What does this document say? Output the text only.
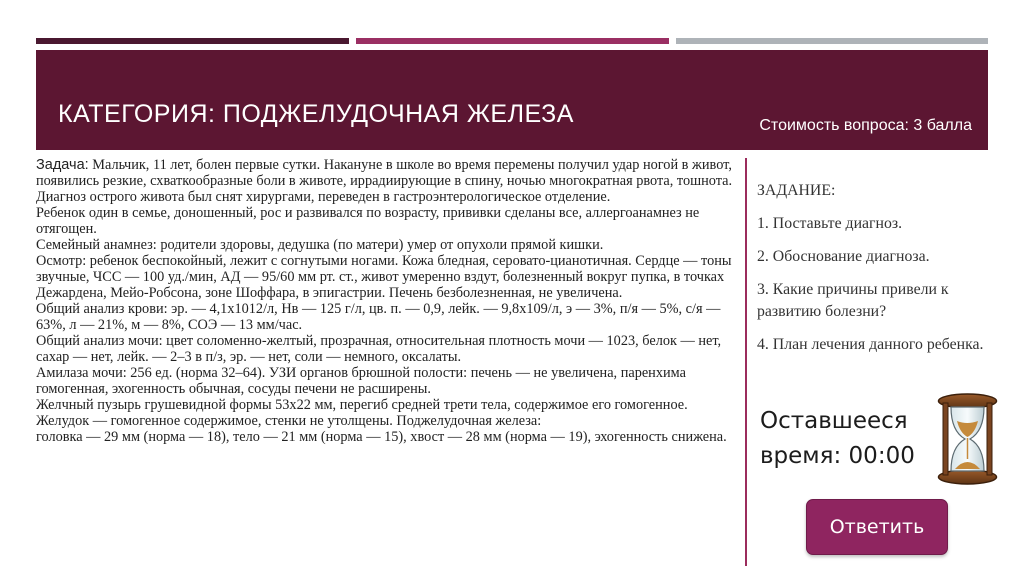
КАТЕГОРИЯ: ПОДЖЕЛУДОЧНАЯ ЖЕЛЕЗА	Стоимость вопроса: 3 балла

Задача: Мальчик, 11 лет, болен первые сутки. Накануне в школе во время перемены получил удар ногой в живот, появились резкие, схваткообразные боли в животе, иррадиирующие в спину, ночью многократная рвота, тошнота. Диагноз острого живота был снят хирургами, переведен в гастроэнтерологическое отделение.

Ребенок один в семье, доношенный, рос и развивался по возрасту, прививки сделаны все, аллергоанамнез не отягощен.

Семейный анамнез: родители здоровы, дедушка (по матери) умер от опухоли прямой кишки.

Осмотр: ребенок беспокойный, лежит с согнутыми ногами. Кожа бледная, серовато-цианотичная. Сердце — тоны звучные, ЧСС — 100 уд./мин, АД — 95/60 мм рт. ст., живот умеренно вздут, болезненный вокруг пупка, в точках Дежардена, Мейо-Робсона, зоне Шоффара, в эпигастрии. Печень безболезненная, не увеличена.

Общий анализ крови: эр. — 4,1x1012/л, Нв — 125 г/л, цв. п. — 0,9, лейк. — 9,8x109/л, э — 3%, п/я — 5%, с/я — 63%, л — 21%, м — 8%, СОЭ — 13 мм/час.

Общий анализ мочи: цвет соломенно-желтый, прозрачная, относительная плотность мочи — 1023, белок — нет, сахар — нет, лейк. — 2–3 в п/з, эр. — нет, соли — немного, оксалаты.

Амилаза мочи: 256 ед. (норма 32–64). УЗИ органов брюшной полости: печень — не увеличена, паренхима гомогенная, эхогенность обычная, сосуды печени не расширены.

Желчный пузырь грушевидной формы 53х22 мм, перегиб средней трети тела, содержимое его гомогенное. Желудок — гомогенное содержимое, стенки не утолщены. Поджелудочная железа:

головка — 29 мм (норма — 18), тело — 21 мм (норма — 15), хвост — 28 мм (норма — 19), эхогенность снижена.

ЗАДАНИЕ:

1. Поставьте диагноз.

2. Обоснование диагноза.

3. Какие причины привели к развитию болезни?

4. План лечения данного ребенка.

Оставшееся время: 00:00
Ответить
